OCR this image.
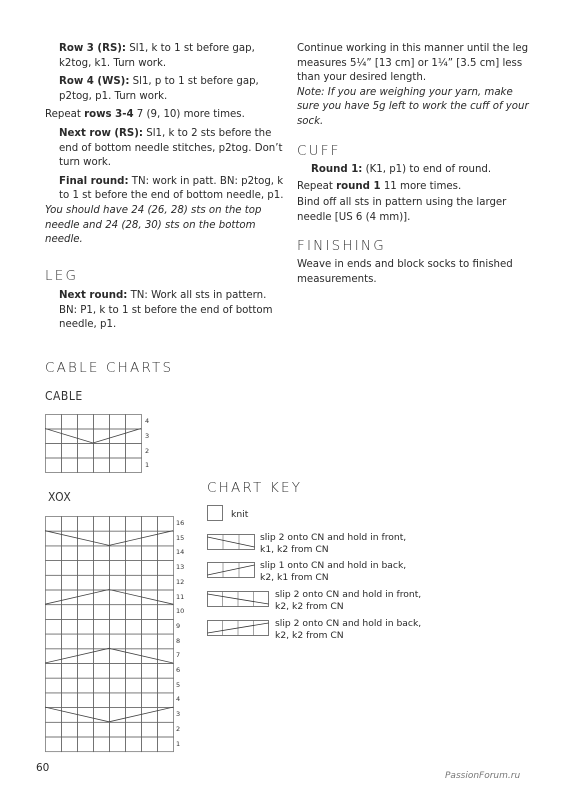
Row 3 (RS): Sl1, k to 1 st before gap, k2tog, k1. Turn work.

Row 4 (WS): Sl1, p to 1 st before gap, p2tog, p1. Turn work.

Repeat rows 3-4 7 (9, 10) more times.

Next row (RS): Sl1, k to 2 sts before the end of bottom needle stitches, p2tog. Don’t turn work.

Final round: TN: work in patt. BN: p2tog, k to 1 st before the end of bottom needle, p1.

You should have 24 (26, 28) sts on the top needle and 24 (28, 30) sts on the bottom needle.

LEG

Next round: TN: Work all sts in pattern. BN: P1, k to 1 st before the end of bottom needle, p1.

Continue working in this manner until the leg measures 5¼” [13 cm] or 1¼” [3.5 cm] less than your desired length.

Note: If you are weighing your yarn, make sure you have 5g left to work the cuff of your sock.

CUFF

Round 1: (K1, p1) to end of round.

Repeat round 1 11 more times.

Bind off all sts in pattern using the larger needle [US 6 (4 mm)].

FINISHING

Weave in ends and block socks to finished measurements.

CABLE CHARTS
CABLE
4
3
2
1
XOX
16
15
14
13
12
11
10
9
8
7
6
5
4
3
2
1
CHART KEY
knit
slip 2 onto CN and hold in front,
k1, k2 from CN
slip 1 onto CN and hold in back,
k2, k1 from CN
slip 2 onto CN and hold in front,
k2, k2 from CN
slip 2 onto CN and hold in back,
k2, k2 from CN
60
PassionForum.ru
